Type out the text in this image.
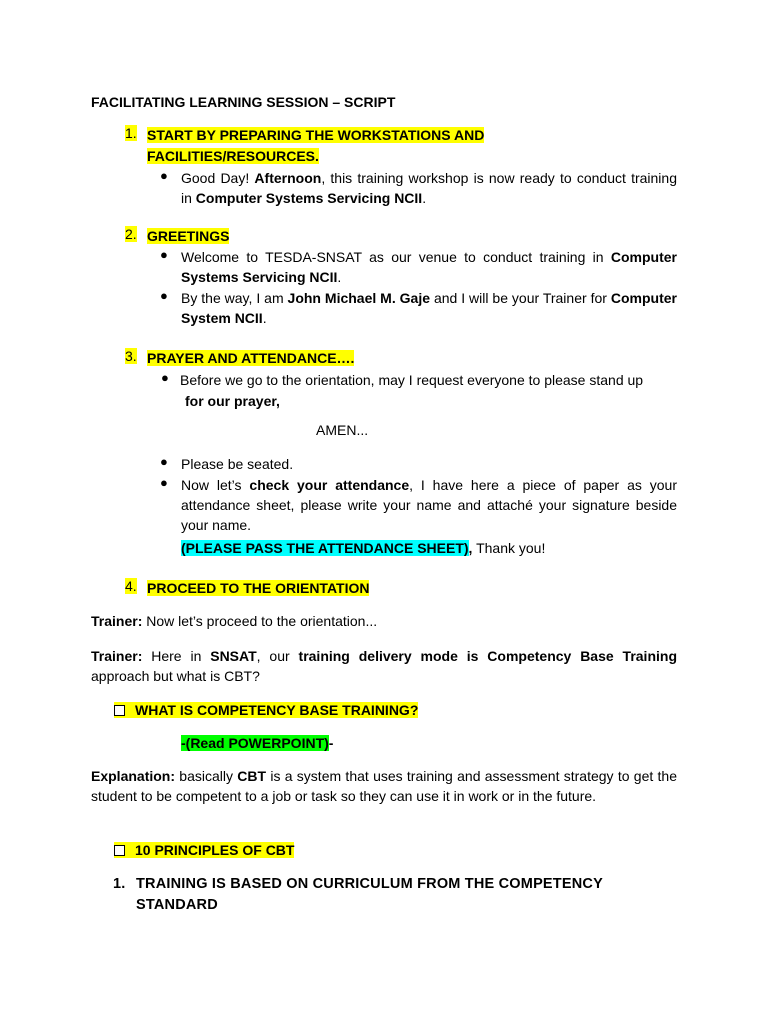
FACILITATING LEARNING SESSION – SCRIPT
1. START BY PREPARING THE WORKSTATIONS AND
FACILITIES/RESOURCES.
● Good Day! Afternoon, this training workshop is now ready to conduct training in Computer Systems Servicing NCII.
2. GREETINGS
● Welcome to TESDA-SNSAT as our venue to conduct training in Computer Systems Servicing NCII.
● By the way, I am John Michael M. Gaje and I will be your Trainer for Computer System NCII.
3. PRAYER AND ATTENDANCE….
● Before we go to the orientation, may I request everyone to please stand up
for our prayer,
AMEN...
● Please be seated.
● Now let’s check your attendance, I have here a piece of paper as your attendance sheet, please write your name and attaché your signature beside your name.
(PLEASE PASS THE ATTENDANCE SHEET), Thank you!
4. PROCEED TO THE ORIENTATION
Trainer: Now let’s proceed to the orientation...
Trainer: Here in SNSAT, our training delivery mode is Competency Base Training approach but what is CBT?
WHAT IS COMPETENCY BASE TRAINING?
-(Read POWERPOINT)-
Explanation: basically CBT is a system that uses training and assessment strategy to get the student to be competent to a job or task so they can use it in work or in the future.
10 PRINCIPLES OF CBT
1. TRAINING IS BASED ON CURRICULUM FROM THE COMPETENCY
STANDARD
